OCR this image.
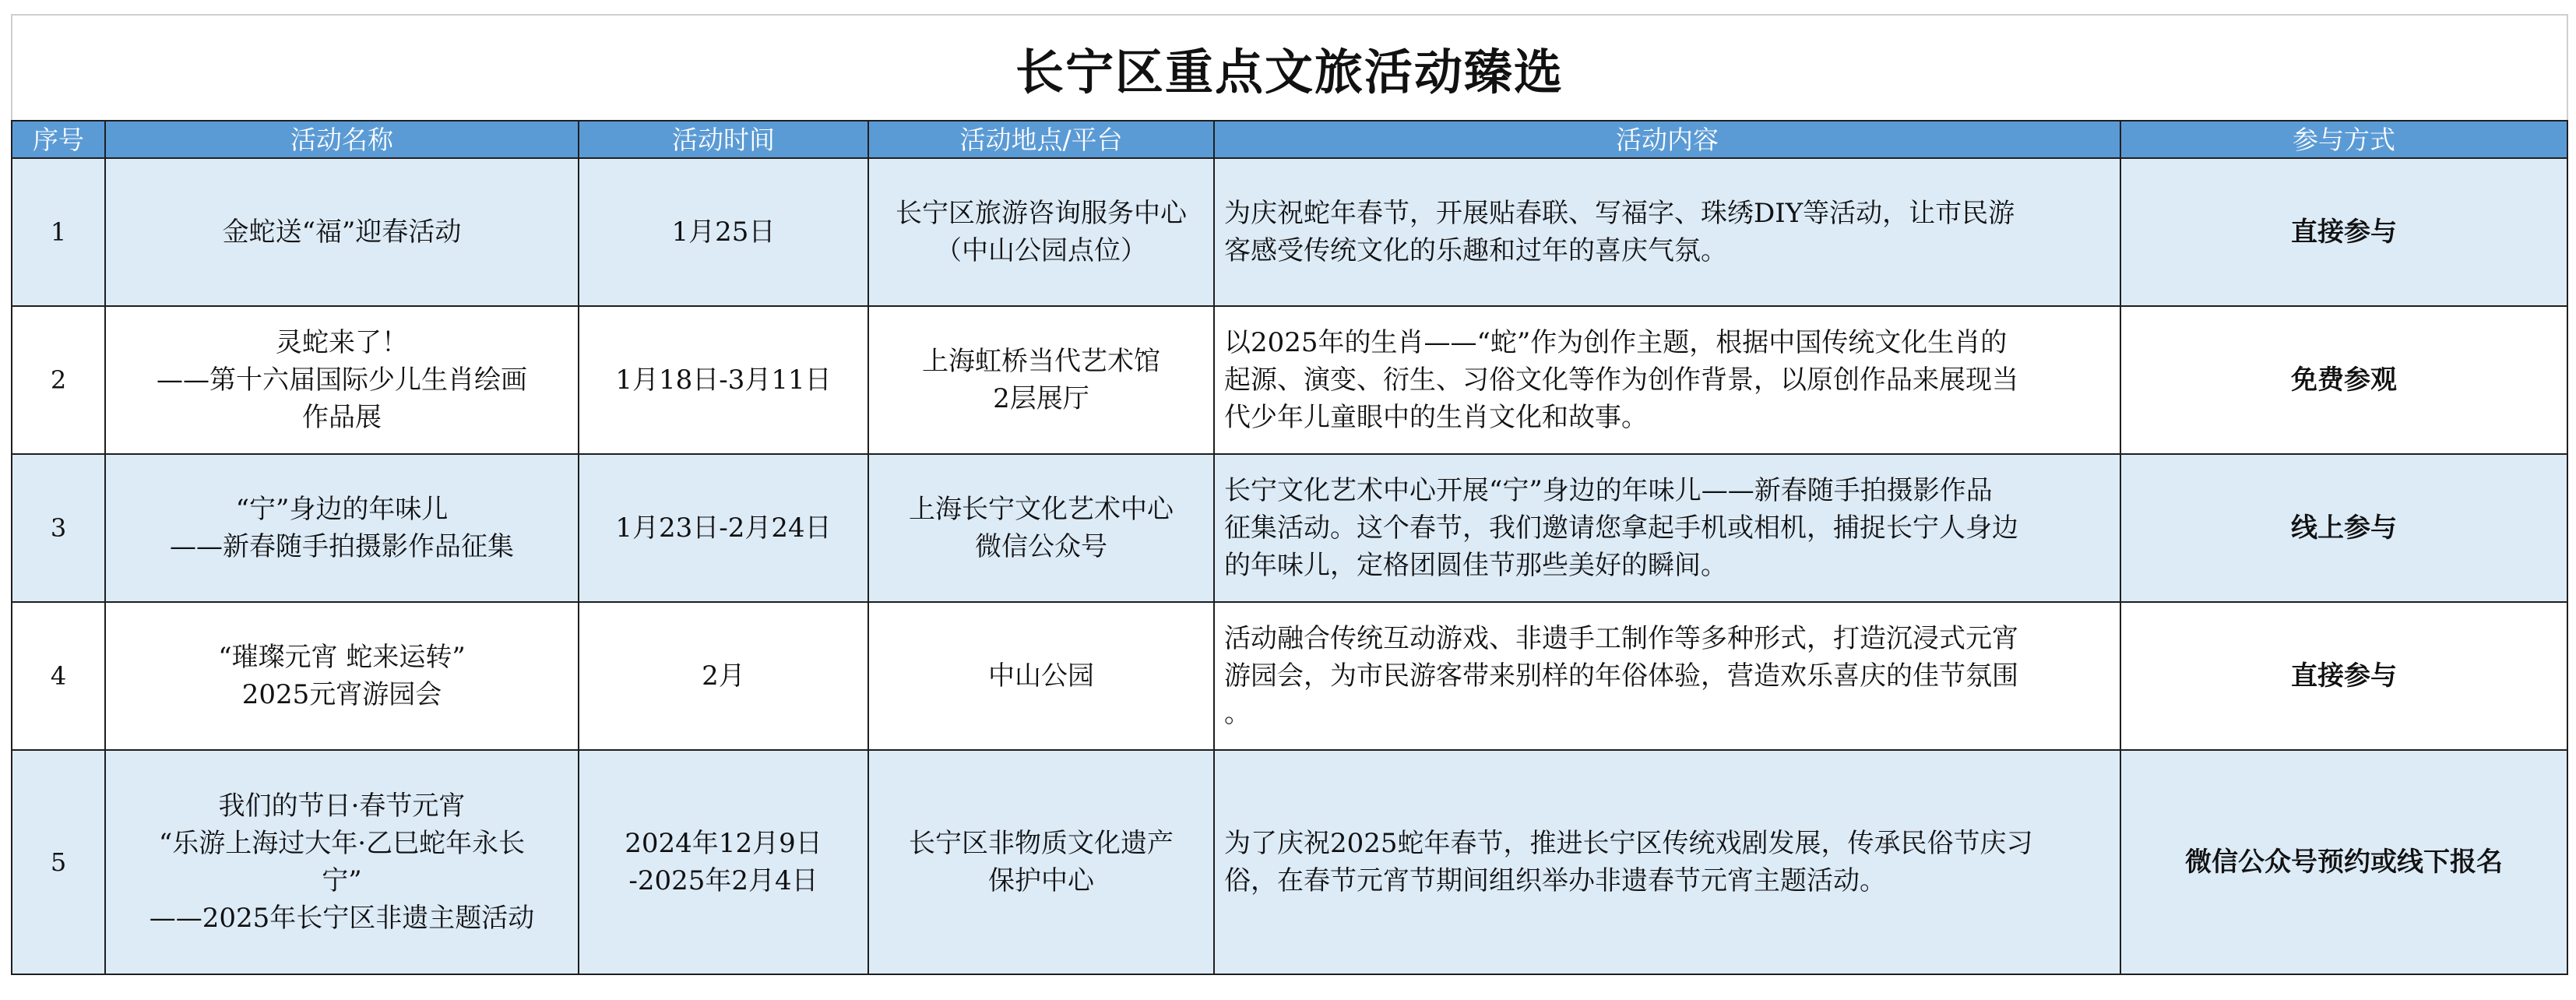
长宁区重点文旅活动臻选					
序号	活动名称	活动时间	活动地点/平台	活动内容	参与方式
1	金蛇送“福”迎春活动	1月25日	长宁区旅游咨询服务中心
（中山公园点位）	为庆祝蛇年春节，开展贴春联、写福字、珠绣DIY等活动，让市民游
客感受传统文化的乐趣和过年的喜庆气氛。	直接参与
2	灵蛇来了！
——第十六届国际少儿生肖绘画
作品展	1月18日-3月11日	上海虹桥当代艺术馆
2层展厅	以2025年的生肖——“蛇”作为创作主题，根据中国传统文化生肖的
起源、演变、衍生、习俗文化等作为创作背景，以原创作品来展现当
代少年儿童眼中的生肖文化和故事。	免费参观
3	“宁”身边的年味儿
——新春随手拍摄影作品征集	1月23日-2月24日	上海长宁文化艺术中心
微信公众号	长宁文化艺术中心开展“宁”身边的年味儿——新春随手拍摄影作品
征集活动。这个春节，我们邀请您拿起手机或相机，捕捉长宁人身边
的年味儿，定格团圆佳节那些美好的瞬间。	线上参与
4	“璀璨元宵 蛇来运转”
2025元宵游园会	2月	中山公园	活动融合传统互动游戏、非遗手工制作等多种形式，打造沉浸式元宵
游园会，为市民游客带来别样的年俗体验，营造欢乐喜庆的佳节氛围
。	直接参与
5	我们的节日·春节元宵
“乐游上海过大年·乙巳蛇年永长
宁”
——2025年长宁区非遗主题活动	2024年12月9日
-2025年2月4日	长宁区非物质文化遗产
保护中心	为了庆祝2025蛇年春节，推进长宁区传统戏剧发展，传承民俗节庆习
俗，在春节元宵节期间组织举办非遗春节元宵主题活动。	微信公众号预约或线下报名
